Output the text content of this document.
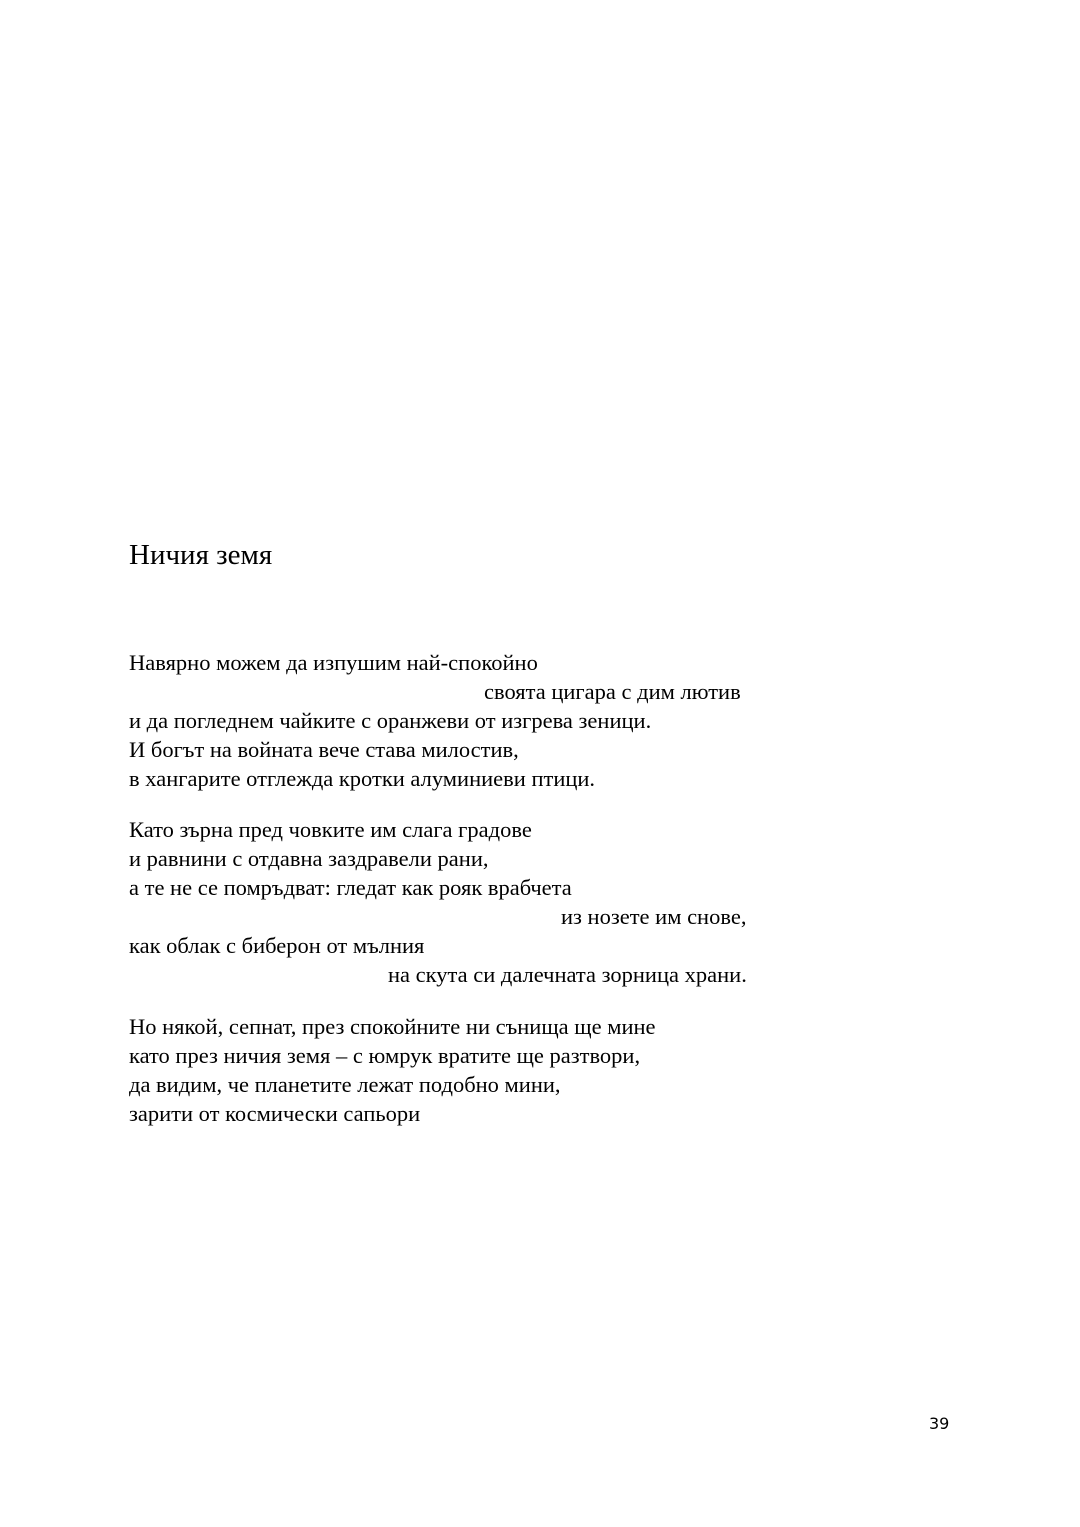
Ничия земя
Навярно можем да изпушим най-спокойно
своята цигара с дим лютив
и да погледнем чайките с оранжеви от изгрева зеници.
И богът на войната вече става милостив,
в хангарите отглежда кротки алуминиеви птици.
Като зърна пред човките им слага градове
и равнини с отдавна заздравели рани,
а те не се помръдват: гледат как рояк врабчета
из нозете им снове,
как облак с биберон от мълния
на скута си далечната зорница храни.
Но някой, сепнат, през спокойните ни сънища ще мине
като през ничия земя – с юмрук вратите ще разтвори,
да видим, че планетите лежат подобно мини,
зарити от космически сапьори
39
